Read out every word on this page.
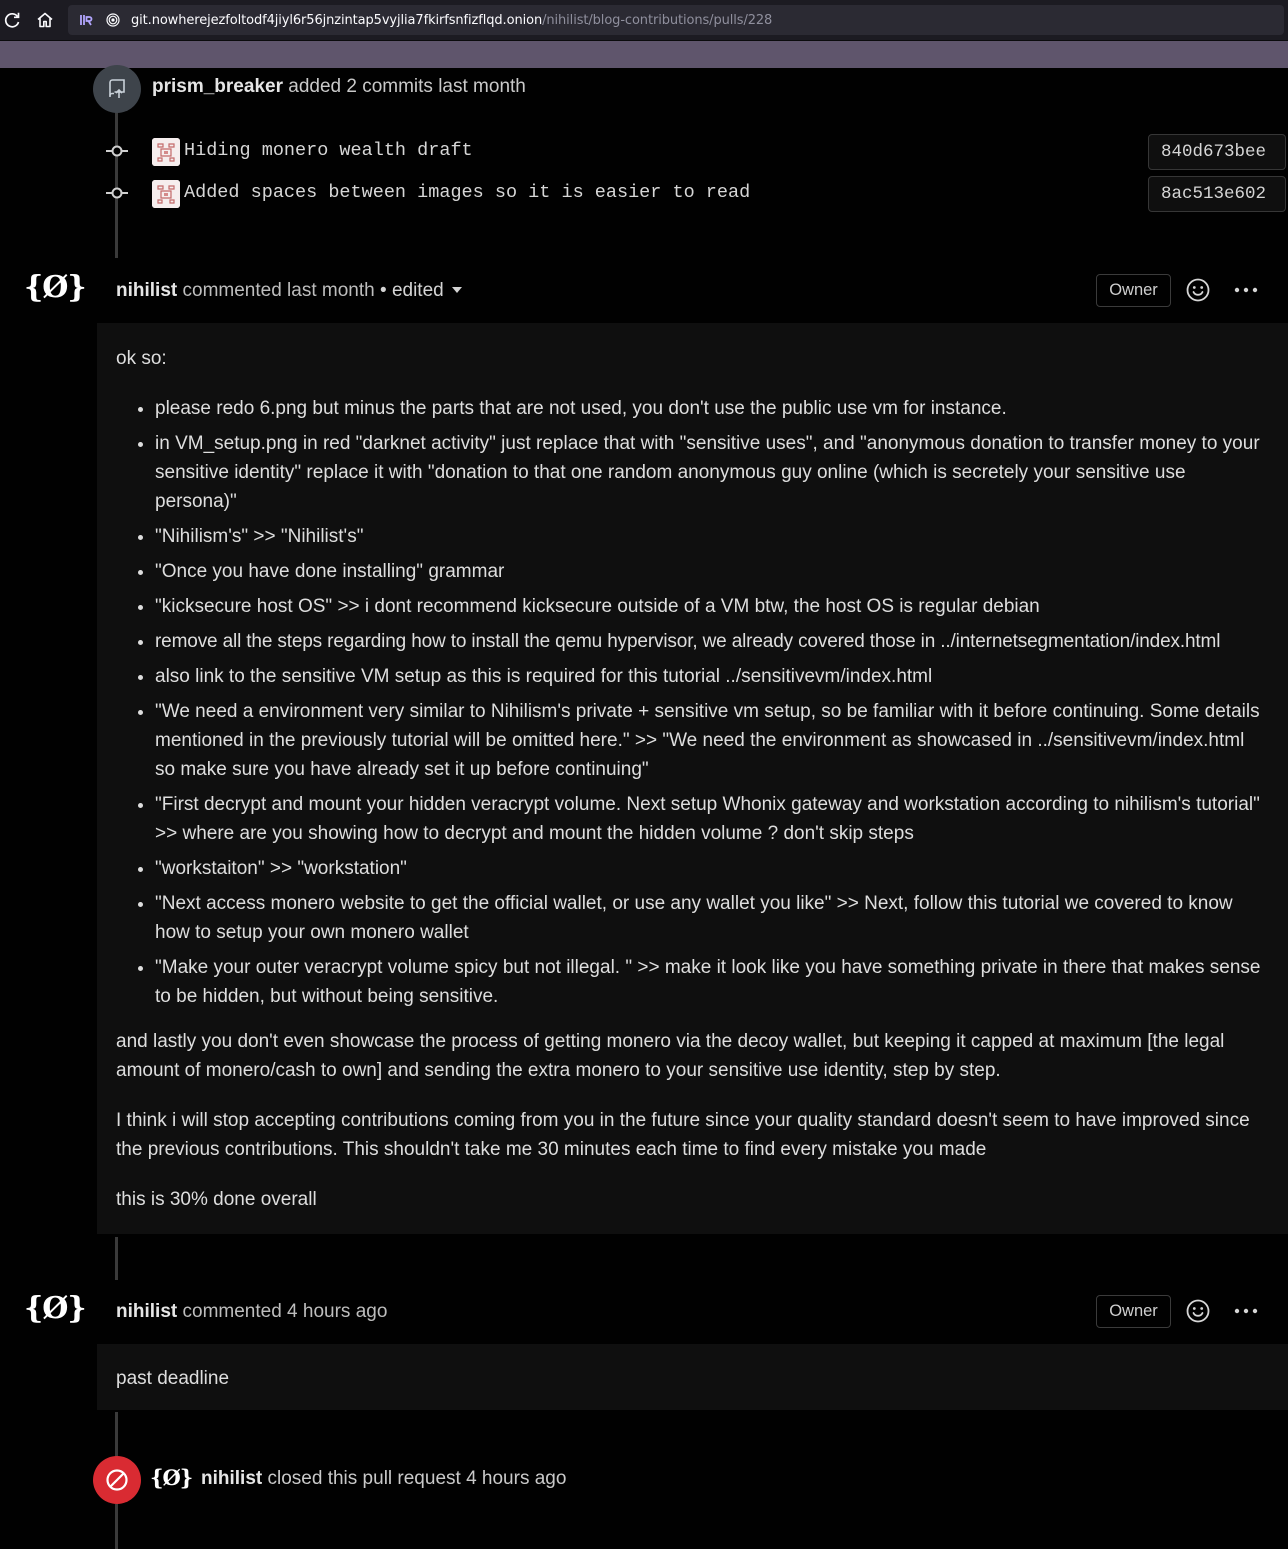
git.nowherejezfoltodf4jiyl6r56jnzintap5vyjlia7fkirfsnfizflqd.onion/nihilist/blog-contributions/pulls/228
prism_breaker added 2 commits last month
Hiding monero wealth draft	840d673bee
Added spaces between images so it is easier to read	8ac513e602
{Ø} nihilist commented last month • edited	Owner

ok so:

• please redo 6.png but minus the parts that are not used, you don't use the public use vm for instance.
• in VM_setup.png in red "darknet activity" just replace that with "sensitive uses", and "anonymous donation to transfer money to your sensitive identity" replace it with "donation to that one random anonymous guy online (which is secretely your sensitive use persona)"
• "Nihilism's" >> "Nihilist's"
• "Once you have done installing" grammar
• "kicksecure host OS" >> i dont recommend kicksecure outside of a VM btw, the host OS is regular debian
• remove all the steps regarding how to install the qemu hypervisor, we already covered those in ../internetsegmentation/index.html
• also link to the sensitive VM setup as this is required for this tutorial ../sensitivevm/index.html
• "We need a environment very similar to Nihilism's private + sensitive vm setup, so be familiar with it before continuing. Some details mentioned in the previously tutorial will be omitted here." >> "We need the environment as showcased in ../sensitivevm/index.html so make sure you have already set it up before continuing"
• "First decrypt and mount your hidden veracrypt volume. Next setup Whonix gateway and workstation according to nihilism's tutorial" >> where are you showing how to decrypt and mount the hidden volume ? don't skip steps
• "workstaiton" >> "workstation"
• "Next access monero website to get the official wallet, or use any wallet you like" >> Next, follow this tutorial we covered to know how to setup your own monero wallet
• "Make your outer veracrypt volume spicy but not illegal. " >> make it look like you have something private in there that makes sense to be hidden, but without being sensitive.

and lastly you don't even showcase the process of getting monero via the decoy wallet, but keeping it capped at maximum [the legal amount of monero/cash to own] and sending the extra monero to your sensitive use identity, step by step.

I think i will stop accepting contributions coming from you in the future since your quality standard doesn't seem to have improved since the previous contributions. This shouldn't take me 30 minutes each time to find every mistake you made

this is 30% done overall

{Ø} nihilist commented 4 hours ago	Owner

past deadline

{Ø} nihilist closed this pull request 4 hours ago
